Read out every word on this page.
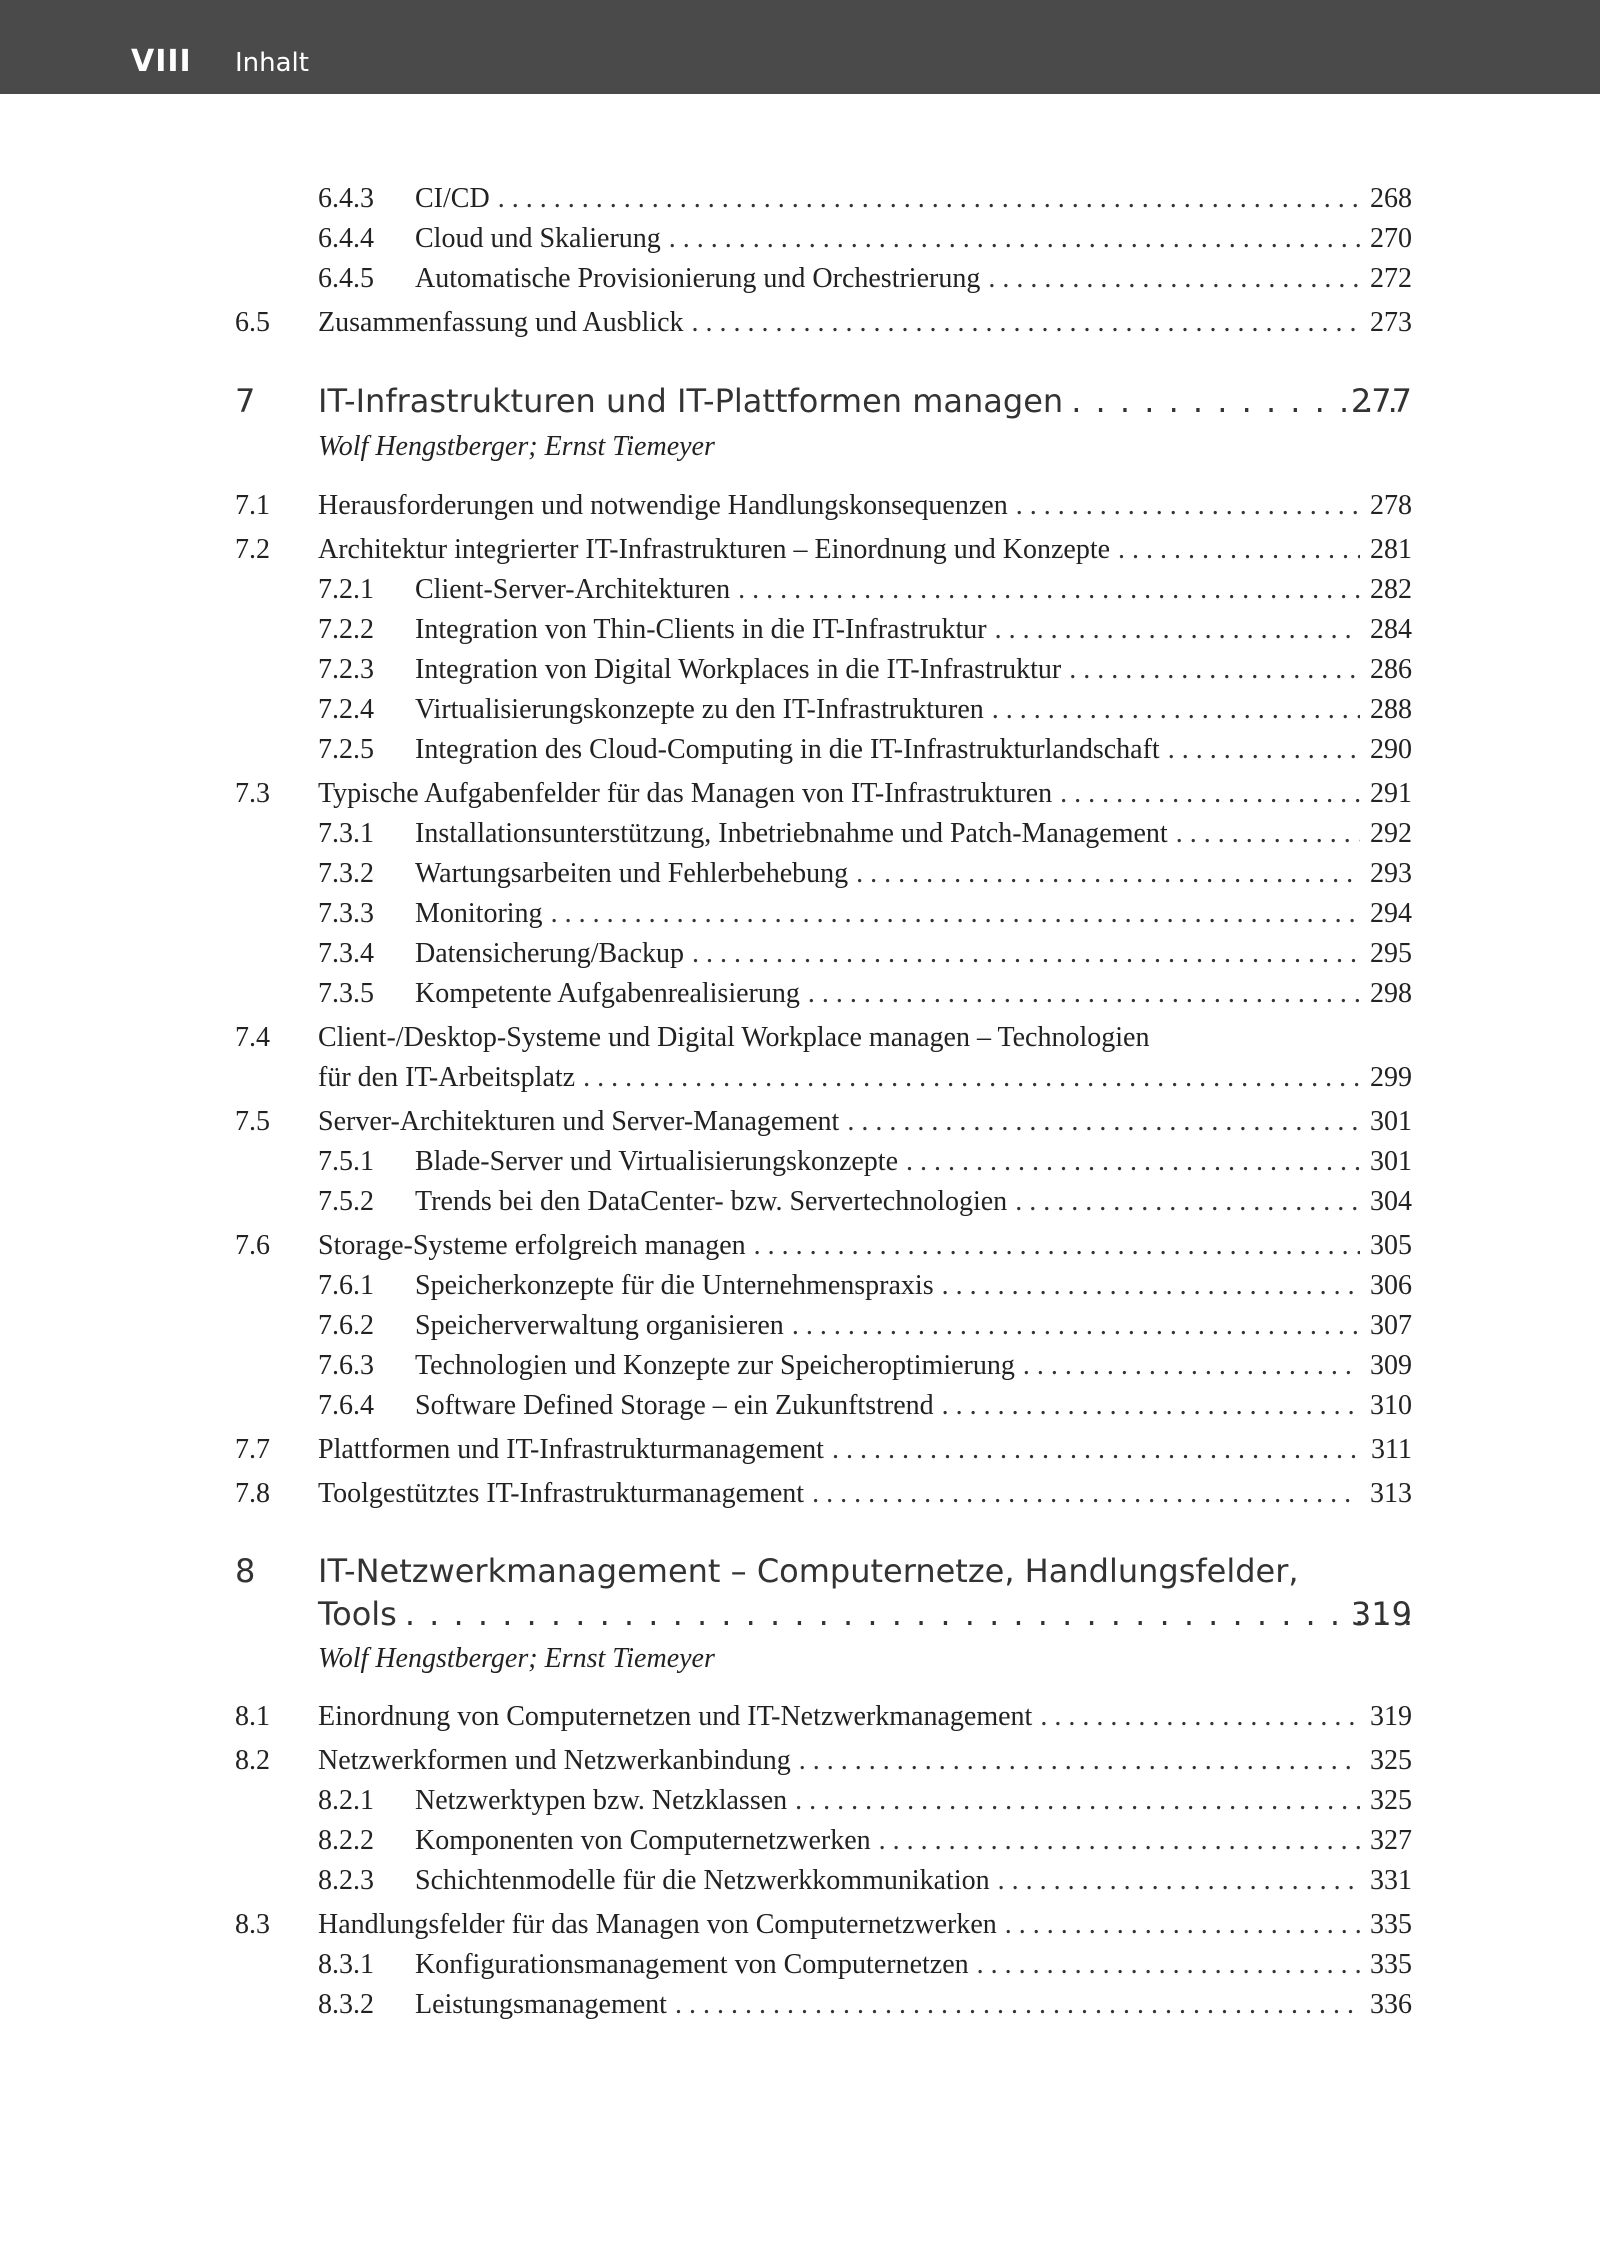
VIII Inhalt
6.4.3 CI/CD . . .	268
6.4.4 Cloud und Skalierung . . .	270
6.4.5 Automatische Provisionierung und Orchestrierung . . .	272
6.5 Zusammenfassung und Ausblick . . .	273
7 IT-Infrastrukturen und IT-Plattformen managen . . .	277
Wolf Hengstberger; Ernst Tiemeyer
7.1 Herausforderungen und notwendige Handlungskonsequenzen . . .	278
7.2 Architektur integrierter IT-Infrastrukturen – Einordnung und Konzepte . . .	281
7.2.1 Client-Server-Architekturen . . .	282
7.2.2 Integration von Thin-Clients in die IT-Infrastruktur . . .	284
7.2.3 Integration von Digital Workplaces in die IT-Infrastruktur . . .	286
7.2.4 Virtualisierungskonzepte zu den IT-Infrastrukturen . . .	288
7.2.5 Integration des Cloud-Computing in die IT-Infrastrukturlandschaft . . .	290
7.3 Typische Aufgabenfelder für das Managen von IT-Infrastrukturen . . .	291
7.3.1 Installationsunterstützung, Inbetriebnahme und Patch-Management . . .	292
7.3.2 Wartungsarbeiten und Fehlerbehebung . . .	293
7.3.3 Monitoring . . .	294
7.3.4 Datensicherung/Backup . . .	295
7.3.5 Kompetente Aufgabenrealisierung . . .	298
7.4 Client-/Desktop-Systeme und Digital Workplace managen – Technologien
für den IT-Arbeitsplatz . . .	299
7.5 Server-Architekturen und Server-Management . . .	301
7.5.1 Blade-Server und Virtualisierungskonzepte . . .	301
7.5.2 Trends bei den DataCenter- bzw. Servertechnologien . . .	304
7.6 Storage-Systeme erfolgreich managen . . .	305
7.6.1 Speicherkonzepte für die Unternehmenspraxis . . .	306
7.6.2 Speicherverwaltung organisieren . . .	307
7.6.3 Technologien und Konzepte zur Speicheroptimierung . . .	309
7.6.4 Software Defined Storage – ein Zukunftstrend . . .	310
7.7 Plattformen und IT-Infrastrukturmanagement . . .	311
7.8 Toolgestütztes IT-Infrastrukturmanagement . . .	313
8 IT-Netzwerkmanagement – Computernetze, Handlungsfelder,
Tools . . .	319
Wolf Hengstberger; Ernst Tiemeyer
8.1 Einordnung von Computernetzen und IT-Netzwerkmanagement . . .	319
8.2 Netzwerkformen und Netzwerkanbindung . . .	325
8.2.1 Netzwerktypen bzw. Netzklassen . . .	325
8.2.2 Komponenten von Computernetzwerken . . .	327
8.2.3 Schichtenmodelle für die Netzwerkkommunikation . . .	331
8.3 Handlungsfelder für das Managen von Computernetzwerken . . .	335
8.3.1 Konfigurationsmanagement von Computernetzen . . .	335
8.3.2 Leistungsmanagement . . .	336
